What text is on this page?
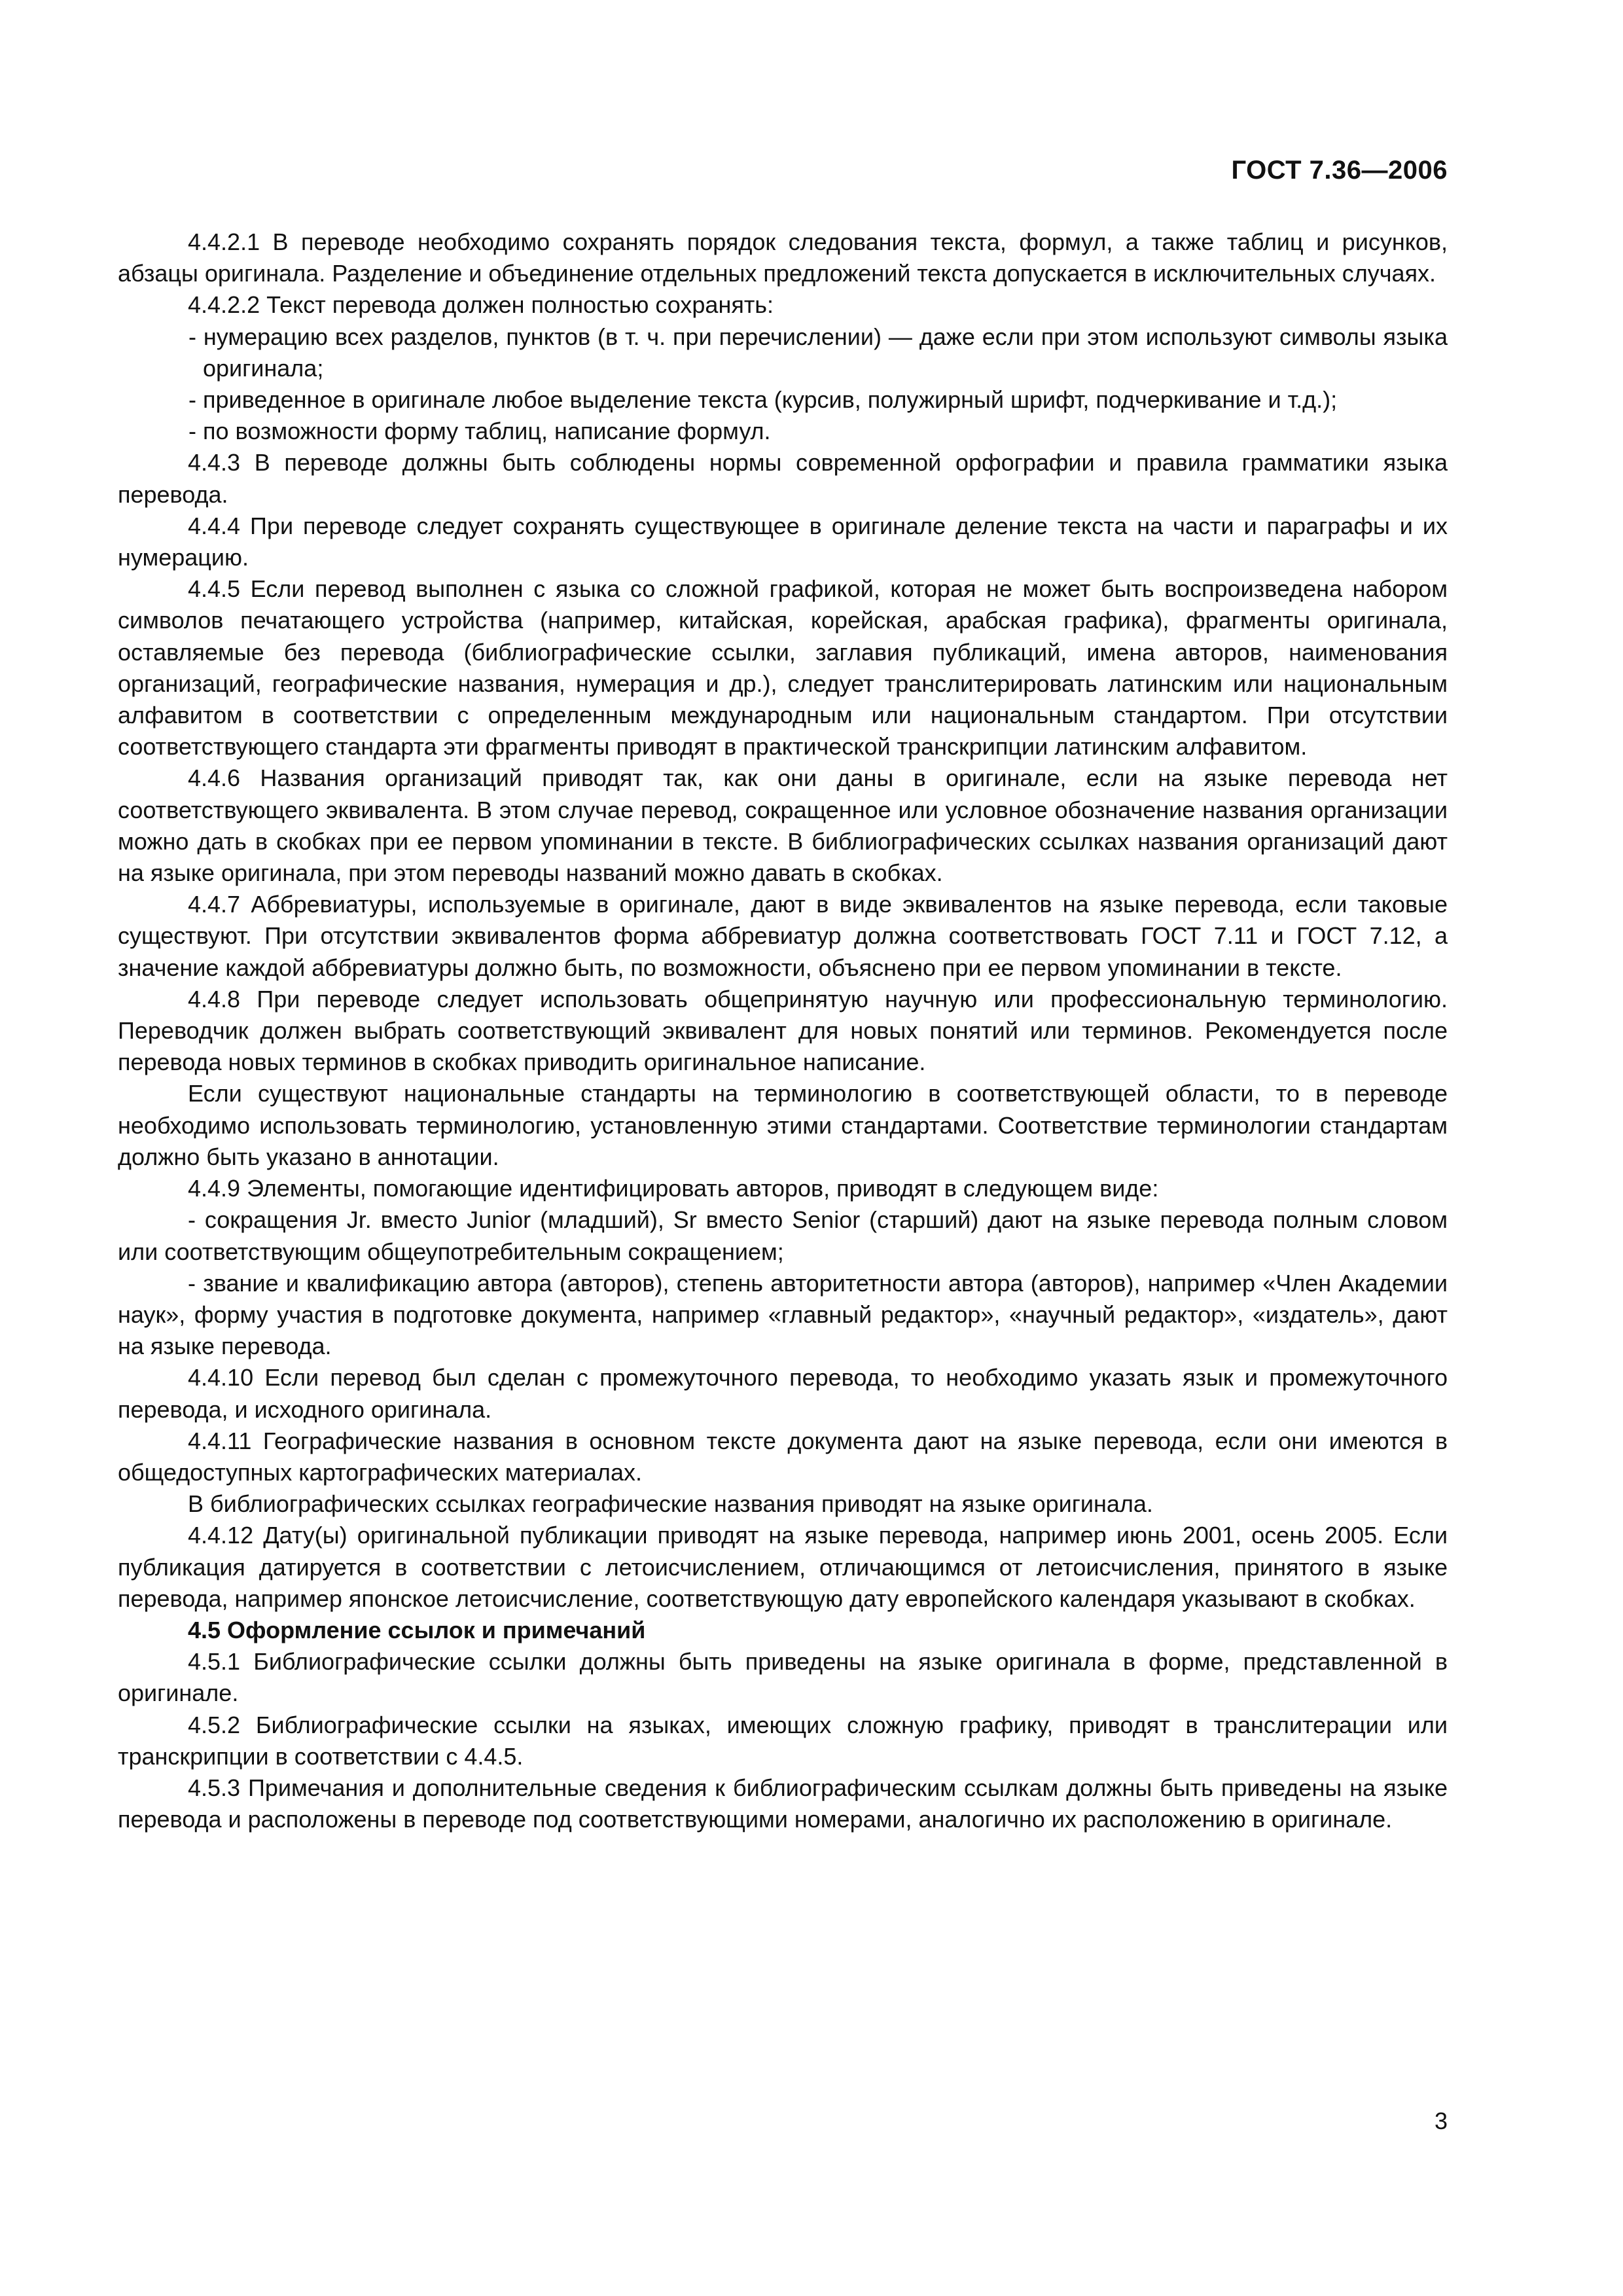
ГОСТ 7.36—2006

4.4.2.1 В переводе необходимо сохранять порядок следования текста, формул, а также таблиц и рисунков, абзацы оригинала. Разделение и объединение отдельных предложений текста допускается в исключительных случаях.

4.4.2.2 Текст перевода должен полностью сохранять:

- нумерацию всех разделов, пунктов (в т. ч. при перечислении) — даже если при этом используют символы языка оригинала;

- приведенное в оригинале любое выделение текста (курсив, полужирный шрифт, подчеркивание и т.д.);

- по возможности форму таблиц, написание формул.

4.4.3 В переводе должны быть соблюдены нормы современной орфографии и правила грамматики языка перевода.

4.4.4 При переводе следует сохранять существующее в оригинале деление текста на части и параграфы и их нумерацию.

4.4.5 Если перевод выполнен с языка со сложной графикой, которая не может быть воспроизведена набором символов печатающего устройства (например, китайская, корейская, арабская графика), фрагменты оригинала, оставляемые без перевода (библиографические ссылки, заглавия публикаций, имена авторов, наименования организаций, географические названия, нумерация и др.), следует транслитерировать латинским или национальным алфавитом в соответствии с определенным международным или национальным стандартом. При отсутствии соответствующего стандарта эти фрагменты приводят в практической транскрипции латинским алфавитом.

4.4.6 Названия организаций приводят так, как они даны в оригинале, если на языке перевода нет соответствующего эквивалента. В этом случае перевод, сокращенное или условное обозначение названия организации можно дать в скобках при ее первом упоминании в тексте. В библиографических ссылках названия организаций дают на языке оригинала, при этом переводы названий можно давать в скобках.

4.4.7 Аббревиатуры, используемые в оригинале, дают в виде эквивалентов на языке перевода, если таковые существуют. При отсутствии эквивалентов форма аббревиатур должна соответствовать ГОСТ 7.11 и ГОСТ 7.12, а значение каждой аббревиатуры должно быть, по возможности, объяснено при ее первом упоминании в тексте.

4.4.8 При переводе следует использовать общепринятую научную или профессиональную терминологию. Переводчик должен выбрать соответствующий эквивалент для новых понятий или терминов. Рекомендуется после перевода новых терминов в скобках приводить оригинальное написание.

Если существуют национальные стандарты на терминологию в соответствующей области, то в переводе необходимо использовать терминологию, установленную этими стандартами. Соответствие терминологии стандартам должно быть указано в аннотации.

4.4.9 Элементы, помогающие идентифицировать авторов, приводят в следующем виде:

- сокращения Jr. вместо Junior (младший), Sr вместо Senior (старший) дают на языке перевода полным словом или соответствующим общеупотребительным сокращением;

- звание и квалификацию автора (авторов), степень авторитетности автора (авторов), например «Член Академии наук», форму участия в подготовке документа, например «главный редактор», «научный редактор», «издатель», дают на языке перевода.

4.4.10 Если перевод был сделан с промежуточного перевода, то необходимо указать язык и промежуточного перевода, и исходного оригинала.

4.4.11 Географические названия в основном тексте документа дают на языке перевода, если они имеются в общедоступных картографических материалах.

В библиографических ссылках географические названия приводят на языке оригинала.

4.4.12 Дату(ы) оригинальной публикации приводят на языке перевода, например июнь 2001, осень 2005. Если публикация датируется в соответствии с летоисчислением, отличающимся от летоисчисления, принятого в языке перевода, например японское летоисчисление, соответствующую дату европейского календаря указывают в скобках.

4.5 Оформление ссылок и примечаний

4.5.1 Библиографические ссылки должны быть приведены на языке оригинала в форме, представленной в оригинале.

4.5.2 Библиографические ссылки на языках, имеющих сложную графику, приводят в транслитерации или транскрипции в соответствии с 4.4.5.

4.5.3 Примечания и дополнительные сведения к библиографическим ссылкам должны быть приведены на языке перевода и расположены в переводе под соответствующими номерами, аналогично их расположению в оригинале.

3
